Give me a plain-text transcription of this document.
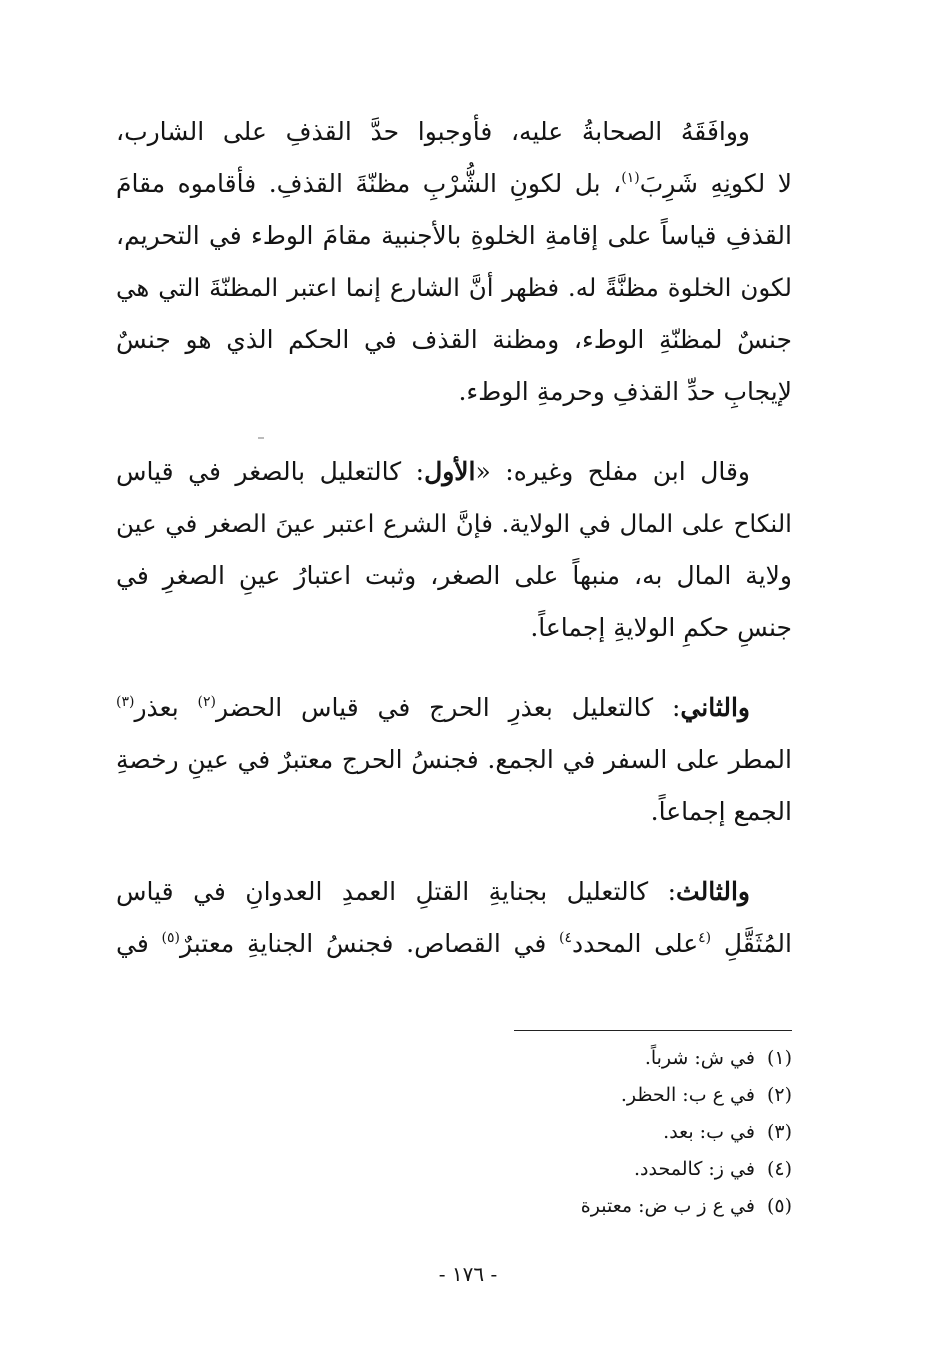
ووافَقَهُ الصحابةُ عليه، فأوجبوا حدَّ القذفِ على الشارب،
لا لكونِهِ شَرِبَ$^{(١)}$، بل لكونِ الشُّرْبِ مظنّةَ القذفِ. فأقاموه مقامَ
القذفِ قياساً على إقامةِ الخلوةِ بالأجنبية مقامَ الوطء في التحريم،
لكون الخلوة مظنَّةً له. فظهر أنَّ الشارع إنما اعتبر المظنّةَ التي هي
جنسٌ لمظنّةِ الوطء، ومظنة القذف في الحكم الذي هو جنسٌ
لإيجابِ حدِّ القذفِ وحرمةِ الوطء.
وقال ابن مفلح وغيره: «الأول: كالتعليل بالصغر في قياس
النكاح على المال في الولاية. فإنَّ الشرع اعتبر عينَ الصغر في عين
ولاية المال به، منبهاً على الصغر، وثبت اعتبارُ عينِ الصغرِ في
جنسِ حكمِ الولايةِ إجماعاً.
والثاني: كالتعليل بعذرِ الحرج في قياس الحضر$^{(٢)}$ بعذر$^{(٣)}$
المطر على السفر في الجمع. فجنسُ الحرج معتبرٌ في عينِ رخصةِ
الجمع إجماعاً.
والثالث: كالتعليل بجنايةِ القتلِ العمدِ العدوانِ في قياس
المُثَقَّلِ $^{(٤}$على المحدد$^{٤)}$ في القصاص. فجنسُ الجنايةِ معتبرٌ$^{(٥)}$ في
(١)في ش: شرباً.
(٢)في ع ب: الحظر.
(٣)في ب: بعد.
(٤)في ز: كالمحدد.
(٥)في ع ز ب ض: معتبرة
- ١٧٦ -
